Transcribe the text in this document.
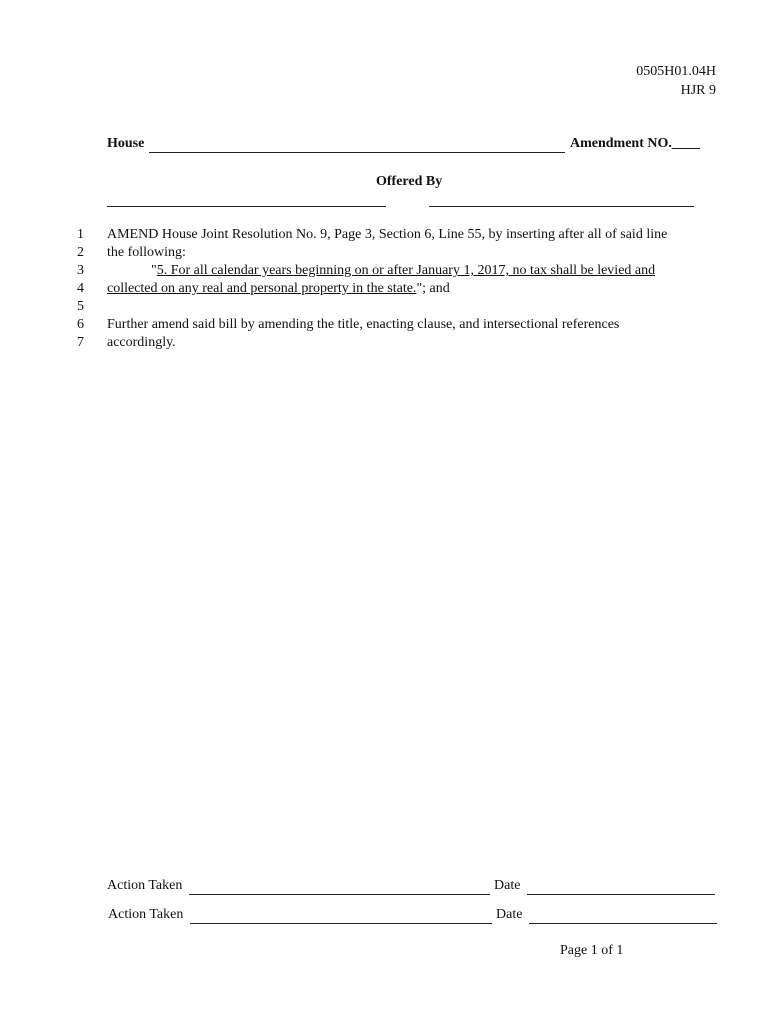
0505H01.04H
HJR 9
House	Amendment NO.____
Offered By
1
2
3
4
5
6
7
AMEND House Joint Resolution No. 9, Page 3, Section 6, Line 55, by inserting after all of said line
the following:
"5. For all calendar years beginning on or after January 1, 2017, no tax shall be levied and
collected on any real and personal property in the state."; and
Further amend said bill by amending the title, enacting clause, and intersectional references
accordingly.
Action Taken	Date
Action Taken	Date
Page 1 of 1
